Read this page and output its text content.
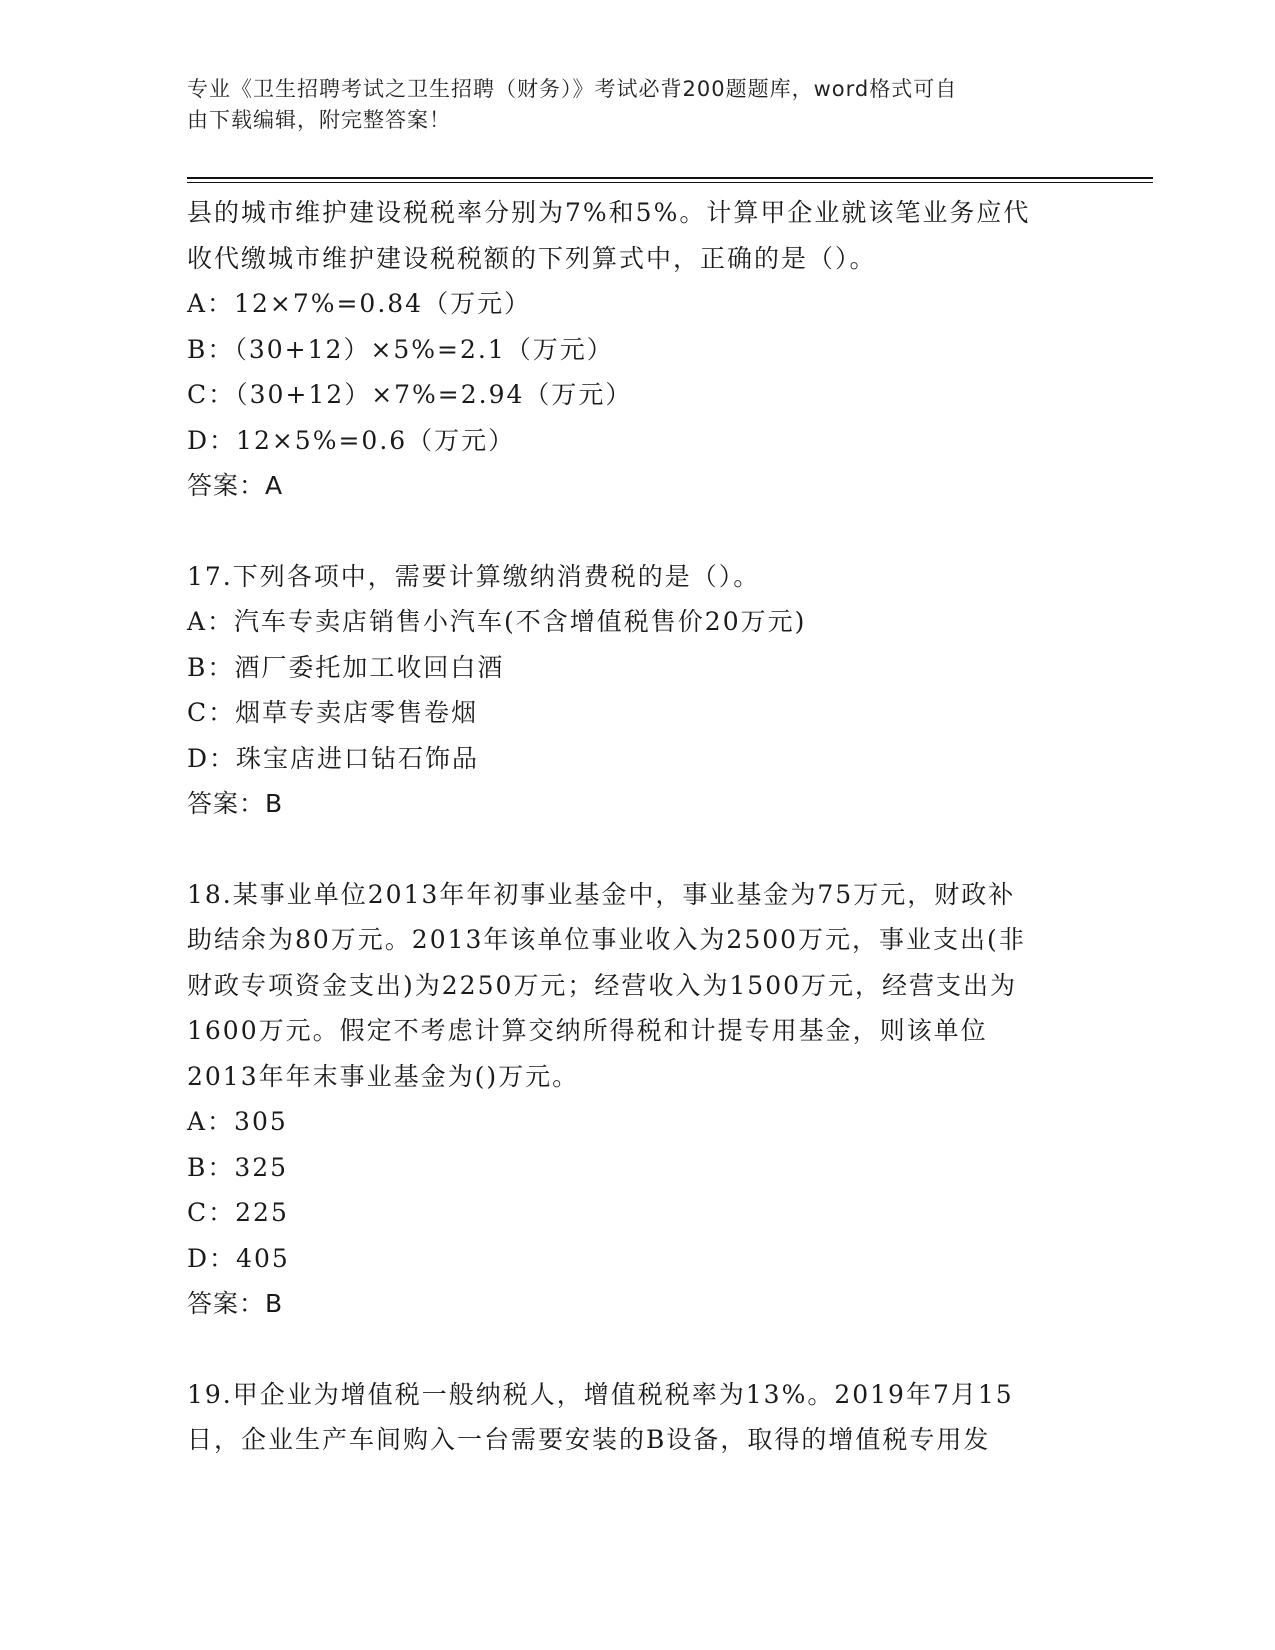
专业《卫生招聘考试之卫生招聘（财务）》考试必背200题题库，word格式可自
由下载编辑，附完整答案！
县的城市维护建设税税率分别为7%和5%。计算甲企业就该笔业务应代
收代缴城市维护建设税税额的下列算式中，正确的是（）。
A：12×7%=0.84（万元）
B：（30+12）×5%=2.1（万元）
C：（30+12）×7%=2.94（万元）
D：12×5%=0.6（万元）
答案：A
17.下列各项中，需要计算缴纳消费税的是（）。
A：汽车专卖店销售小汽车(不含增值税售价20万元)
B：酒厂委托加工收回白酒
C：烟草专卖店零售卷烟
D：珠宝店进口钻石饰品
答案：B
18.某事业单位2013年年初事业基金中，事业基金为75万元，财政补
助结余为80万元。2013年该单位事业收入为2500万元，事业支出(非
财政专项资金支出)为2250万元；经营收入为1500万元，经营支出为
1600万元。假定不考虑计算交纳所得税和计提专用基金，则该单位
2013年年末事业基金为()万元。
A：305
B：325
C：225
D：405
答案：B
19.甲企业为增值税一般纳税人，增值税税率为13%。2019年7月15
日，企业生产车间购入一台需要安装的B设备，取得的增值税专用发
